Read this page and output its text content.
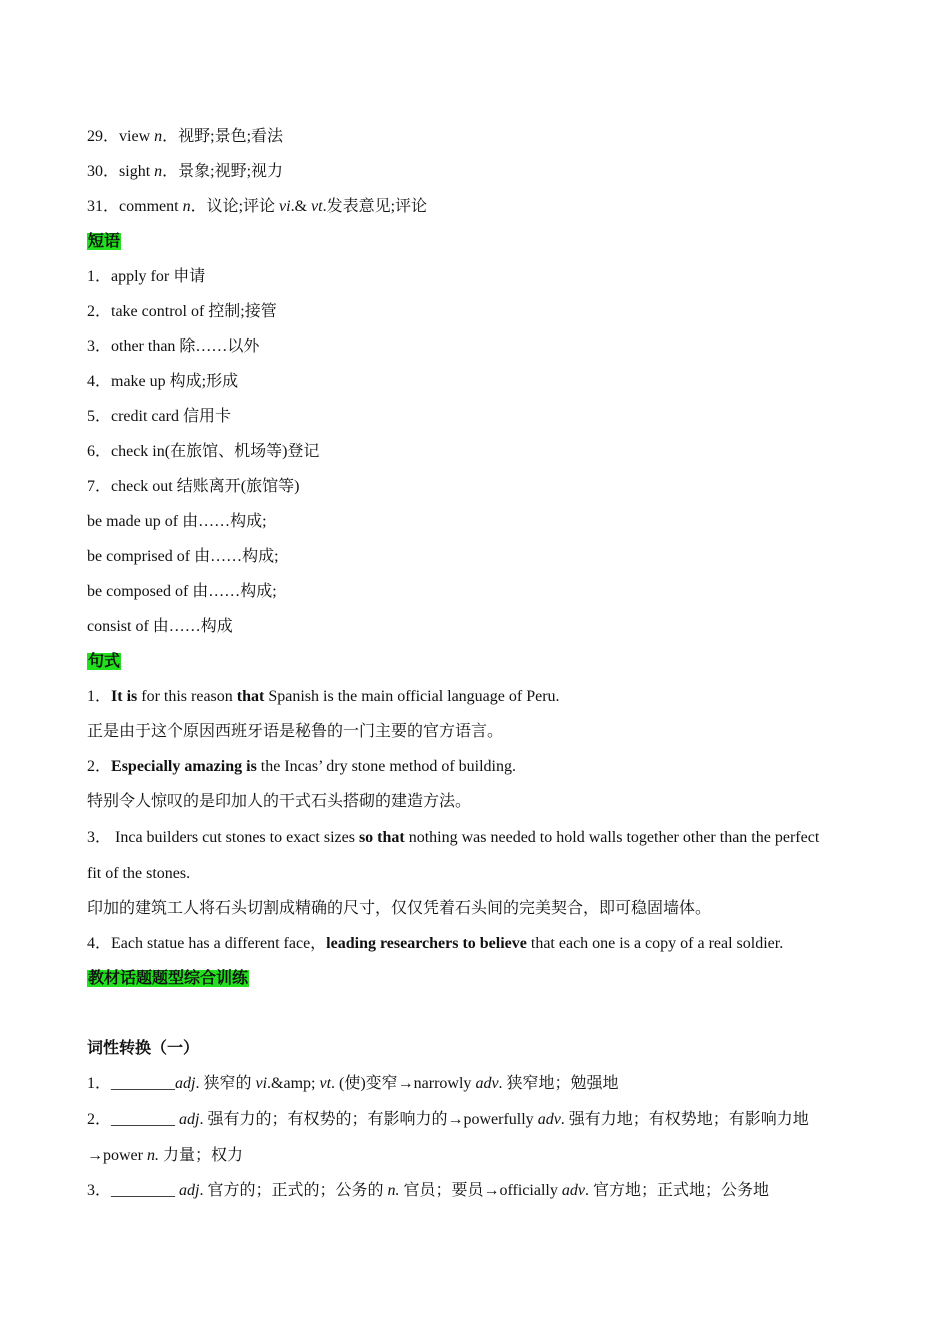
29．view n．视野;景色;看法
30．sight n．景象;视野;视力
31．comment n．议论;评论 vi.& vt.发表意见;评论
短语
1．apply for 申请
2．take control of 控制;接管
3．other than 除……以外
4．make up 构成;形成
5．credit card 信用卡
6．check in(在旅馆、机场等)登记
7．check out 结账离开(旅馆等)
be made up of 由……构成;
be comprised of 由……构成;
be composed of 由……构成;
consist of 由……构成
句式
1．It is for this reason that Spanish is the main official language of Peru.
正是由于这个原因西班牙语是秘鲁的一门主要的官方语言。
2．Especially amazing is the Incas’ dry stone method of building.
特别令人惊叹的是印加人的干式石头搭砌的建造方法。
3． Inca builders cut stones to exact sizes so that nothing was needed to hold walls together other than the perfect
fit of the stones.
印加的建筑工人将石头切割成精确的尺寸，仅仅凭着石头间的完美契合，即可稳固墙体。
4．Each statue has a different face，leading researchers to believe that each one is a copy of a real soldier.
教材话题题型综合训练
词性转换（一）
1．________adj. 狭窄的 vi.&amp; vt. (使)变窄→narrowly adv. 狭窄地；勉强地
2．________ adj. 强有力的；有权势的；有影响力的→powerfully adv. 强有力地；有权势地；有影响力地
→power n. 力量；权力
3．________ adj. 官方的；正式的；公务的 n. 官员；要员→officially adv. 官方地；正式地；公务地
